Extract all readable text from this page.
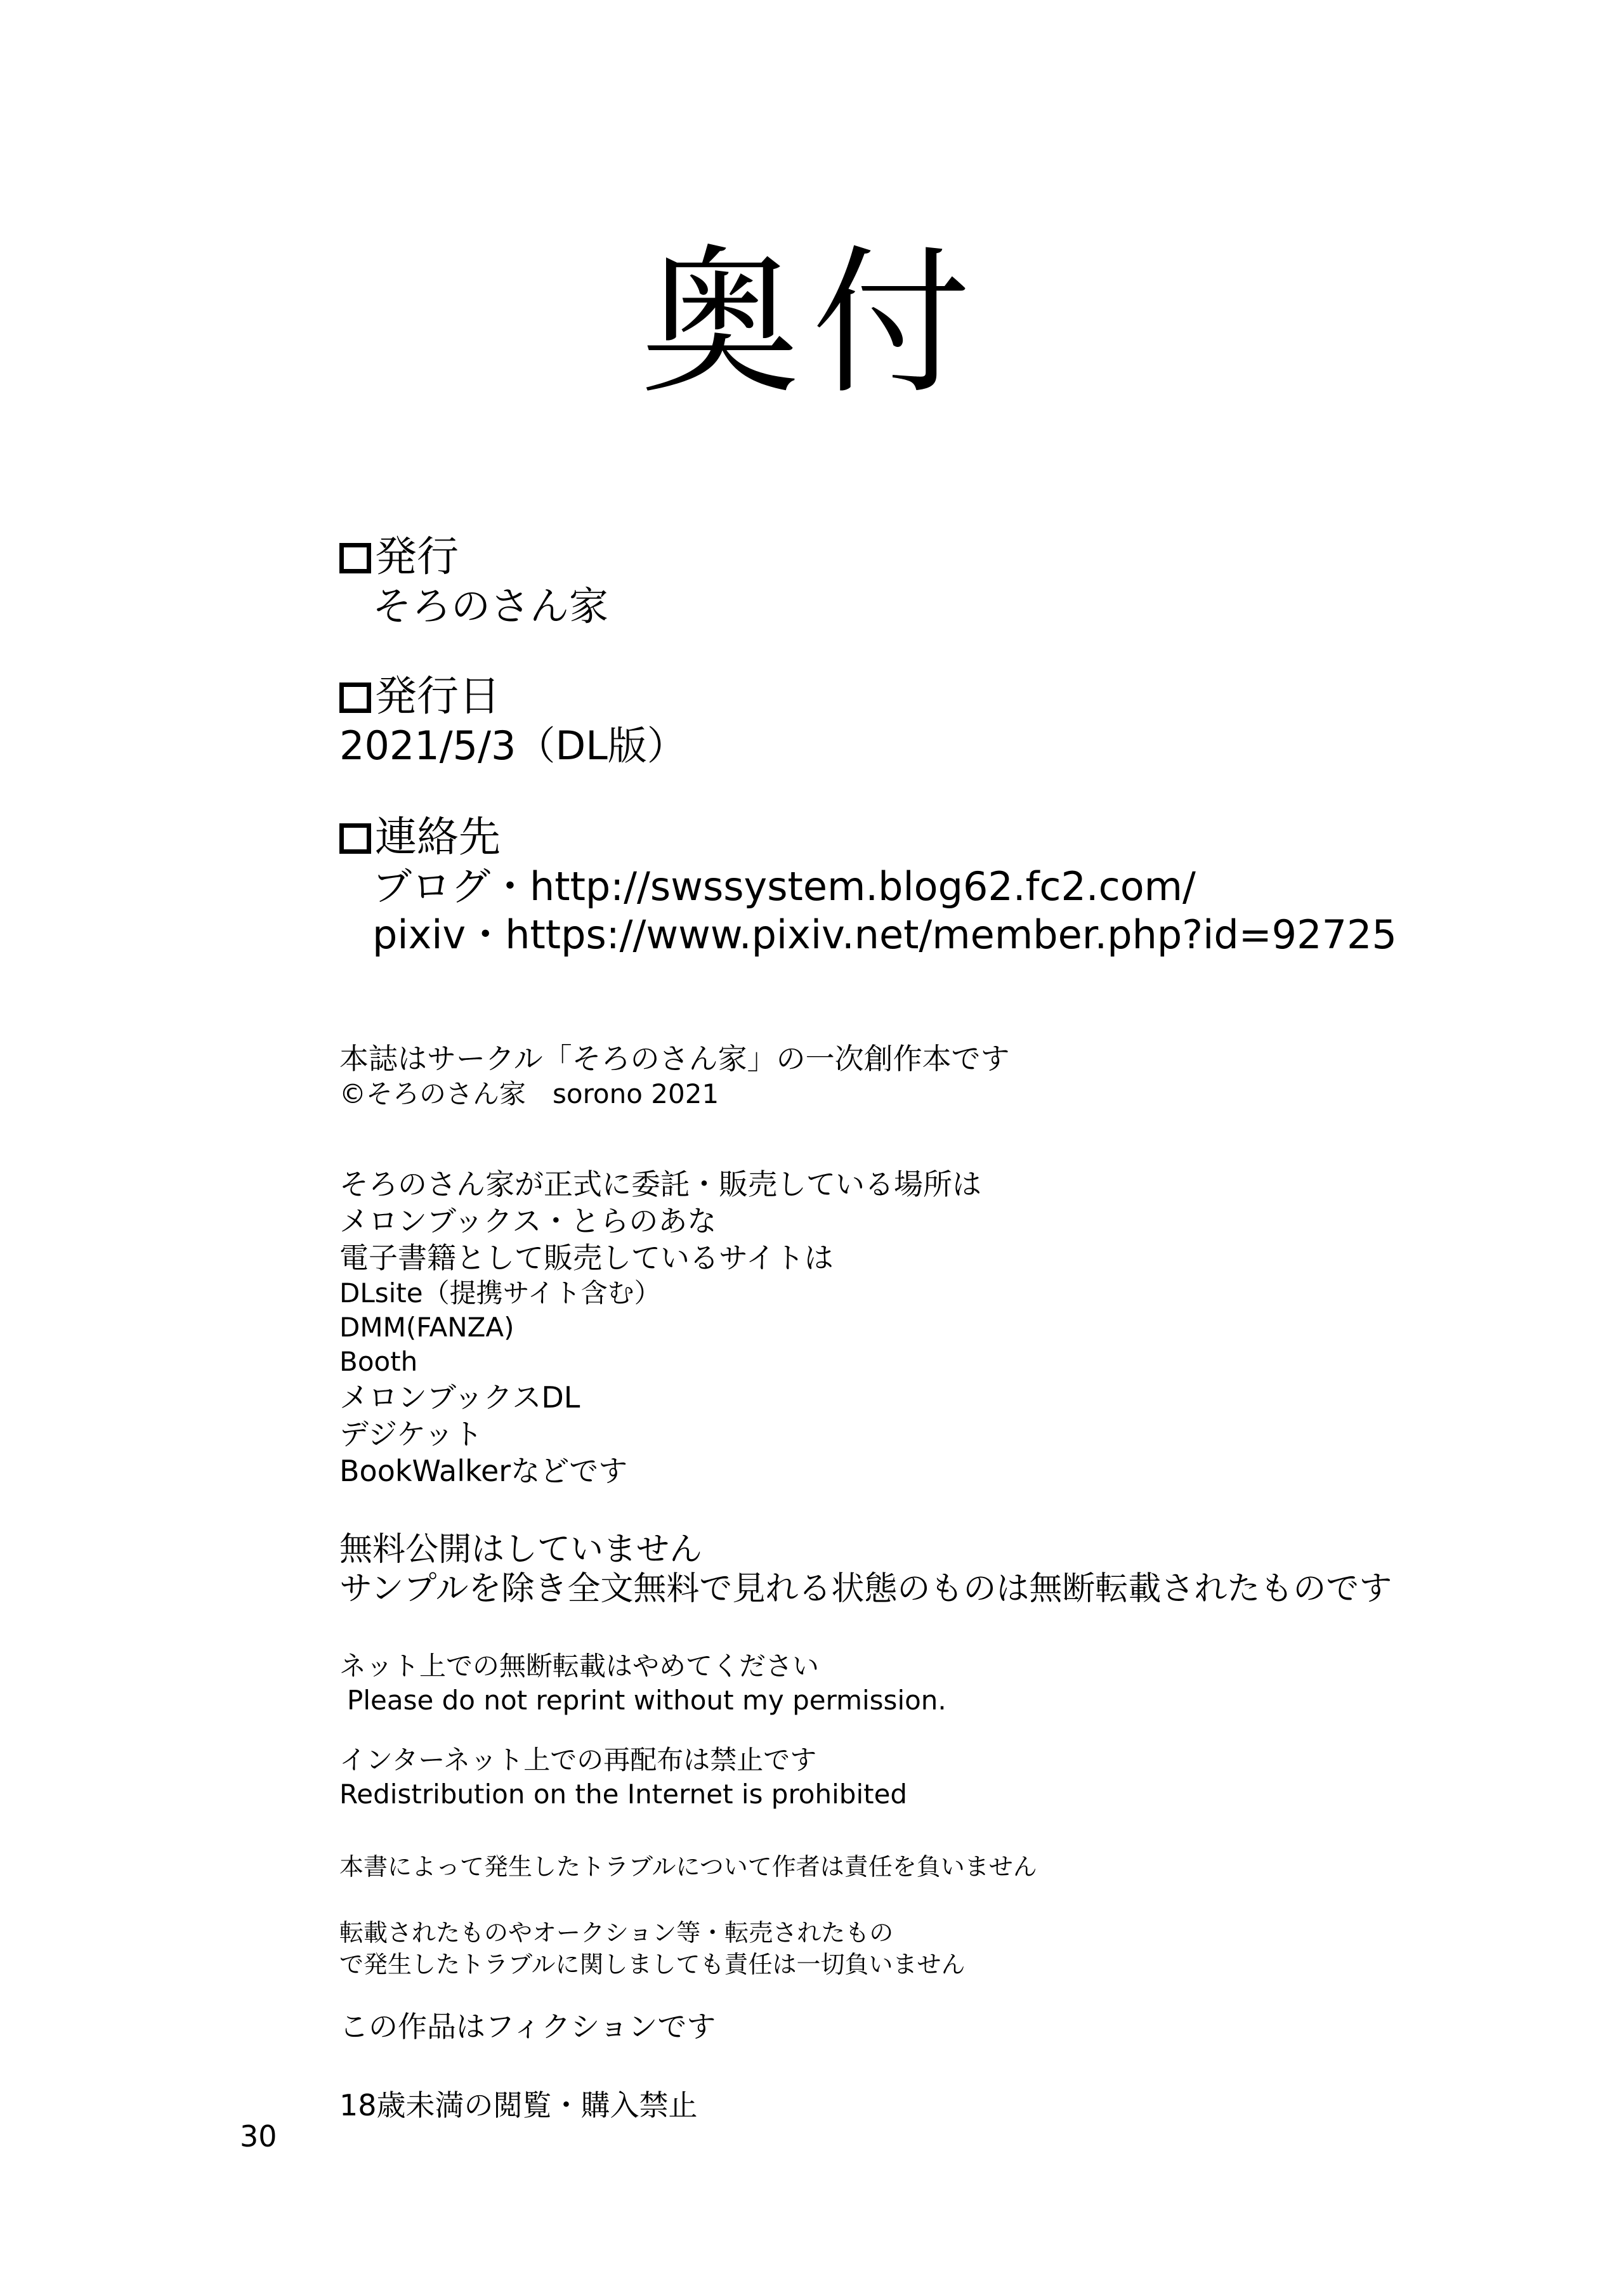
奥付
発行
そろのさん家
発行日
2021/5/3（DL版）
連絡先
ブログ・http://swssystem.blog62.fc2.com/
pixiv・https://www.pixiv.net/member.php?id=92725
本誌はサークル「そろのさん家」の一次創作本です
©そろのさん家　sorono 2021
そろのさん家が正式に委託・販売している場所は
メロンブックス・とらのあな
電子書籍として販売しているサイトは
DLsite（提携サイト含む）
DMM(FANZA)
Booth
メロンブックスDL
デジケット
BookWalkerなどです
無料公開はしていません
サンプルを除き全文無料で見れる状態のものは無断転載されたものです
ネット上での無断転載はやめてください
Please do not reprint without my permission.
インターネット上での再配布は禁止です
Redistribution on the Internet is prohibited
本書によって発生したトラブルについて作者は責任を負いません
転載されたものやオークション等・転売されたもの
で発生したトラブルに関しましても責任は一切負いません
この作品はフィクションです
18歳未満の閲覧・購入禁止
30
